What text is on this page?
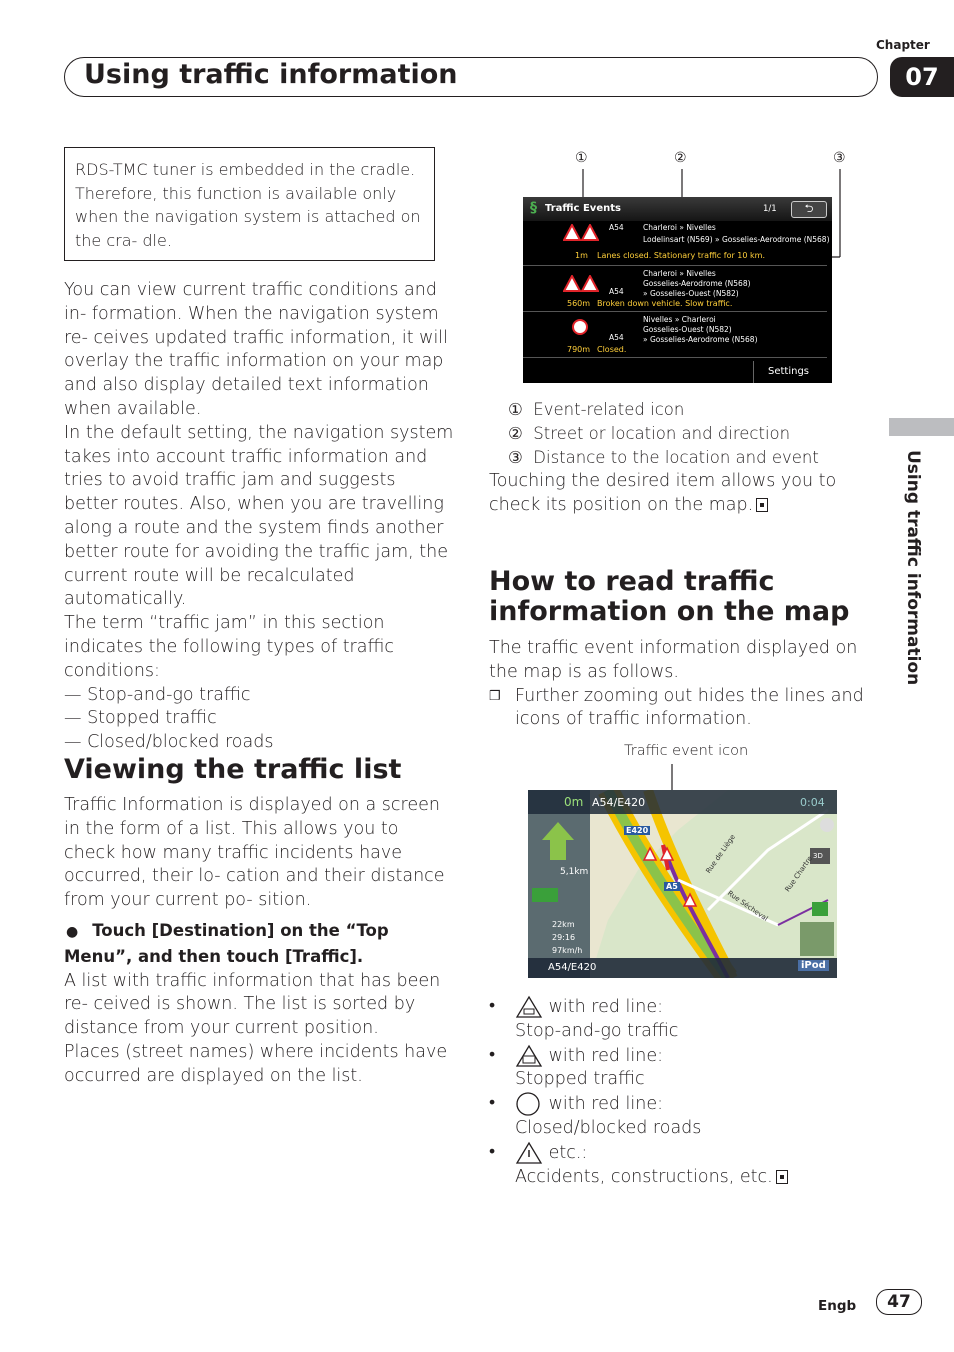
Chapter
07
Using traffic information
Using traffic information
RDS-TMC tuner is embedded in the cradle. Therefore, this function is available only when the navigation system is attached on the cra- dle.

You can view current traffic conditions and in- formation. When the navigation system re- ceives updated traffic information, it will overlay the traffic information on your map and also display detailed text information when available.

In the default setting, the navigation system takes into account traffic information and tries to avoid traffic jam and suggests better routes. Also, when you are travelling along a route and the system finds another better route for avoiding the traffic jam, the current route will be recalculated automatically.

The term “traffic jam” in this section indicates the following types of traffic conditions:

— Stop-and-go traffic

— Stopped traffic

— Closed/blocked roads

Viewing the traffic list

Traffic Information is displayed on a screen in the form of a list. This allows you to check how many traffic incidents have occurred, their lo- cation and their distance from your current po- sition.

● Touch [Destination] on the “Top Menu”, and then touch [Traffic].

A list with traffic information that has been re- ceived is shown. The list is sorted by distance from your current position.

Places (street names) where incidents have occurred are displayed on the list.

①	②	③
§ Traffic Events	1/1	⮌
A54	Charleroi » Nivelles
Lodelinsart (N569) » Gosselies-Aerodrome (N568)
1m Lanes closed. Stationary traffic for 10 km.
A54
Charleroi » Nivelles
Gosselies-Aerodrome (N568)
» Gosselies-Ouest (N582)
560m Broken down vehicle. Slow traffic.
A54
Nivelles » Charleroi
Gosselies-Ouest (N582)
» Gosselies-Aerodrome (N568)
790m Closed.
Settings
① Event-related icon
② Street or location and direction
③ Distance to the location and event
Touching the desired item allows you to check its position on the map.
How to read traffic
information on the map

The traffic event information displayed on the map is as follows.

❒ Further zooming out hides the lines and icons of traffic information.
Traffic event icon
0m A54/E420	0:04
5,1km
22km
29:16
97km/h
A54/E420	iPod
3D
E420
A5
Rue de Liège	Rue Chartre
Rue Sécheval
•	with red line:
Stop-and-go traffic
•	with red line:
Stopped traffic
•	with red line:
Closed/blocked roads
•	etc.:
Accidents, constructions, etc.
Engb	47
